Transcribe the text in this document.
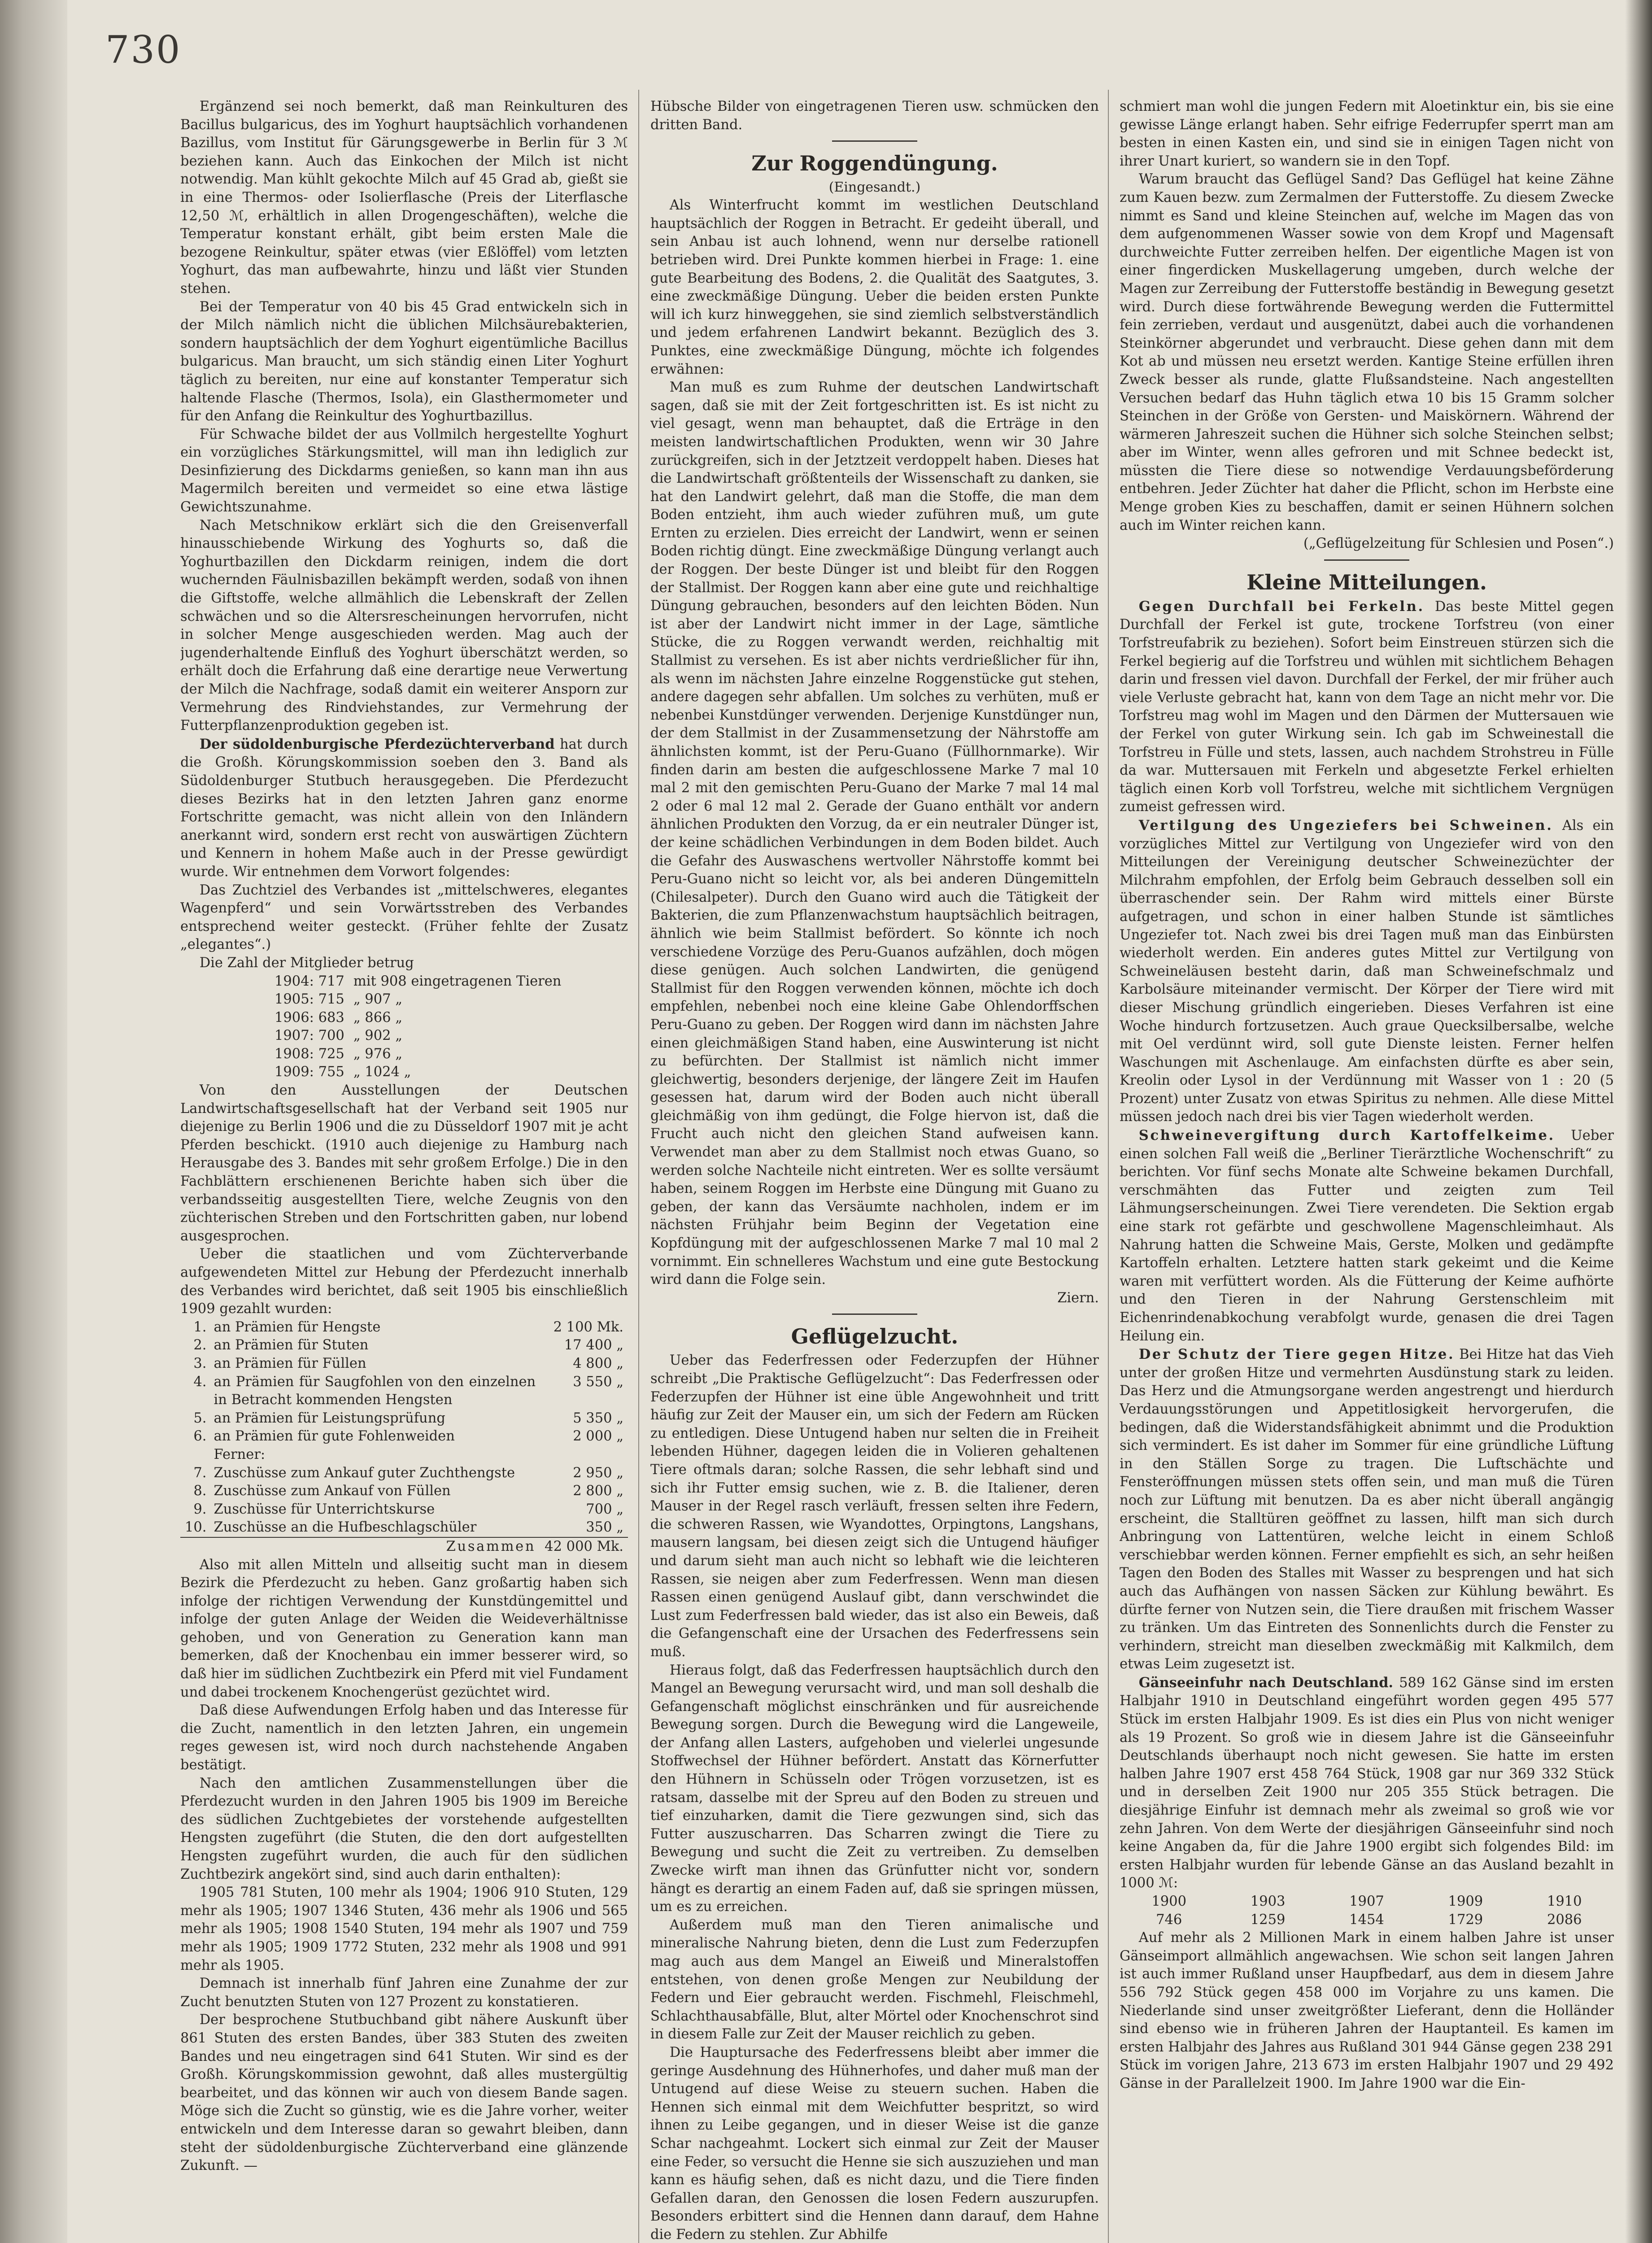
730

Ergänzend sei noch bemerkt, daß man Reinkulturen des Bacillus bulgaricus, des im Yoghurt hauptsächlich vorhandenen Bazillus, vom Institut für Gärungsgewerbe in Berlin für 3 ℳ beziehen kann. Auch das Einkochen der Milch ist nicht notwendig. Man kühlt gekochte Milch auf 45 Grad ab, gießt sie in eine Thermos- oder Isolierflasche (Preis der Literflasche 12,50 ℳ, erhältlich in allen Drogengeschäften), welche die Temperatur konstant erhält, gibt beim ersten Male die bezogene Reinkultur, später etwas (vier Eßlöffel) vom letzten Yoghurt, das man aufbewahrte, hinzu und läßt vier Stunden stehen.

Bei der Temperatur von 40 bis 45 Grad entwickeln sich in der Milch nämlich nicht die üblichen Milchsäurebakterien, sondern hauptsächlich der dem Yoghurt eigentümliche Bacillus bulgaricus. Man braucht, um sich ständig einen Liter Yoghurt täglich zu bereiten, nur eine auf konstanter Temperatur sich haltende Flasche (Thermos, Isola), ein Glasthermometer und für den Anfang die Reinkultur des Yoghurtbazillus.

Für Schwache bildet der aus Vollmilch hergestellte Yoghurt ein vorzügliches Stärkungsmittel, will man ihn lediglich zur Desinfizierung des Dickdarms genießen, so kann man ihn aus Magermilch bereiten und vermeidet so eine etwa lästige Gewichtszunahme.

Nach Metschnikow erklärt sich die den Greisenverfall hinausschiebende Wirkung des Yoghurts so, daß die Yoghurtbazillen den Dickdarm reinigen, indem die dort wuchernden Fäulnisbazillen bekämpft werden, sodaß von ihnen die Giftstoffe, welche allmählich die Lebenskraft der Zellen schwächen und so die Altersrescheinungen hervorrufen, nicht in solcher Menge ausgeschieden werden. Mag auch der jugenderhaltende Einfluß des Yoghurt überschätzt werden, so erhält doch die Erfahrung daß eine derartige neue Verwertung der Milch die Nachfrage, sodaß damit ein weiterer Ansporn zur Vermehrung des Rindviehstandes, zur Vermehrung der Futterpflanzenproduktion gegeben ist.

Der südoldenburgische Pferdezüchterverband hat durch die Großh. Körungskommission soeben den 3. Band als Südoldenburger Stutbuch herausgegeben. Die Pferdezucht dieses Bezirks hat in den letzten Jahren ganz enorme Fortschritte gemacht, was nicht allein von den Inländern anerkannt wird, sondern erst recht von auswärtigen Züchtern und Kennern in hohem Maße auch in der Presse gewürdigt wurde. Wir entnehmen dem Vorwort folgendes:

Das Zuchtziel des Verbandes ist „mittelschweres, elegantes Wagenpferd“ und sein Vorwärtsstreben des Verbandes entsprechend weiter gesteckt. (Früher fehlte der Zusatz „elegantes“.)

Die Zahl der Mitglieder betrug

1904: 717	mit 908 eingetragenen Tieren
1905: 715	„ 907 „
1906: 683	„ 866 „
1907: 700	„ 902 „
1908: 725	„ 976 „
1909: 755	„ 1024 „

Von den Ausstellungen der Deutschen Landwirtschaftsgesellschaft hat der Verband seit 1905 nur diejenige zu Berlin 1906 und die zu Düsseldorf 1907 mit je acht Pferden beschickt. (1910 auch diejenige zu Hamburg nach Herausgabe des 3. Bandes mit sehr großem Erfolge.) Die in den Fachblättern erschienenen Berichte haben sich über die verbandsseitig ausgestellten Tiere, welche Zeugnis von den züchterischen Streben und den Fortschritten gaben, nur lobend ausgesprochen.

Ueber die staatlichen und vom Züchterverbande aufgewendeten Mittel zur Hebung der Pferdezucht innerhalb des Verbandes wird berichtet, daß seit 1905 bis einschließlich 1909 gezahlt wurden:

1.	an Prämien für Hengste	2 100 Mk.
2.	an Prämien für Stuten	17 400 „
3.	an Prämien für Füllen	4 800 „
4.	an Prämien für Saugfohlen von den einzelnen in Betracht kommenden Hengsten	3 550 „
5.	an Prämien für Leistungsprüfung	5 350 „
6.	an Prämien für gute Fohlenweiden	2 000 „
	Ferner:	
7.	Zuschüsse zum Ankauf guter Zuchthengste	2 950 „
8.	Zuschüsse zum Ankauf von Füllen	2 800 „
9.	Zuschüsse für Unterrichtskurse	700 „
10.	Zuschüsse an die Hufbeschlagschüler	350 „
	Zusammen	42 000 Mk.

Also mit allen Mitteln und allseitig sucht man in diesem Bezirk die Pferdezucht zu heben. Ganz großartig haben sich infolge der richtigen Verwendung der Kunstdüngemittel und infolge der guten Anlage der Weiden die Weideverhältnisse gehoben, und von Generation zu Generation kann man bemerken, daß der Knochenbau ein immer besserer wird, so daß hier im südlichen Zuchtbezirk ein Pferd mit viel Fundament und dabei trockenem Knochengerüst gezüchtet wird.

Daß diese Aufwendungen Erfolg haben und das Interesse für die Zucht, namentlich in den letzten Jahren, ein ungemein reges gewesen ist, wird noch durch nachstehende Angaben bestätigt.

Nach den amtlichen Zusammenstellungen über die Pferdezucht wurden in den Jahren 1905 bis 1909 im Bereiche des südlichen Zuchtgebietes der vorstehende aufgestellten Hengsten zugeführt (die Stuten, die den dort aufgestellten Hengsten zugeführt wurden, die auch für den südlichen Zuchtbezirk angekört sind, sind auch darin enthalten):

1905 781 Stuten, 100 mehr als 1904; 1906 910 Stuten, 129 mehr als 1905; 1907 1346 Stuten, 436 mehr als 1906 und 565 mehr als 1905; 1908 1540 Stuten, 194 mehr als 1907 und 759 mehr als 1905; 1909 1772 Stuten, 232 mehr als 1908 und 991 mehr als 1905.

Demnach ist innerhalb fünf Jahren eine Zunahme der zur Zucht benutzten Stuten von 127 Prozent zu konstatieren.

Der besprochene Stutbuchband gibt nähere Auskunft über 861 Stuten des ersten Bandes, über 383 Stuten des zweiten Bandes und neu eingetragen sind 641 Stuten. Wir sind es der Großh. Körungskommission gewohnt, daß alles mustergültig bearbeitet, und das können wir auch von diesem Bande sagen. Möge sich die Zucht so günstig, wie es die Jahre vorher, weiter entwickeln und dem Interesse daran so gewahrt bleiben, dann steht der südoldenburgische Züchterverband eine glänzende Zukunft. —

Hübsche Bilder von eingetragenen Tieren usw. schmücken den dritten Band.

Zur Roggendüngung.
(Eingesandt.)

Als Winterfrucht kommt im westlichen Deutschland hauptsächlich der Roggen in Betracht. Er gedeiht überall, und sein Anbau ist auch lohnend, wenn nur derselbe rationell betrieben wird. Drei Punkte kommen hierbei in Frage: 1. eine gute Bearbeitung des Bodens, 2. die Qualität des Saatgutes, 3. eine zweckmäßige Düngung. Ueber die beiden ersten Punkte will ich kurz hinweggehen, sie sind ziemlich selbstverständlich und jedem erfahrenen Landwirt bekannt. Bezüglich des 3. Punktes, eine zweckmäßige Düngung, möchte ich folgendes erwähnen:

Man muß es zum Ruhme der deutschen Landwirtschaft sagen, daß sie mit der Zeit fortgeschritten ist. Es ist nicht zu viel gesagt, wenn man behauptet, daß die Erträge in den meisten landwirtschaftlichen Produkten, wenn wir 30 Jahre zurückgreifen, sich in der Jetztzeit verdoppelt haben. Dieses hat die Landwirtschaft größtenteils der Wissenschaft zu danken, sie hat den Landwirt gelehrt, daß man die Stoffe, die man dem Boden entzieht, ihm auch wieder zuführen muß, um gute Ernten zu erzielen. Dies erreicht der Landwirt, wenn er seinen Boden richtig düngt. Eine zweckmäßige Düngung verlangt auch der Roggen. Der beste Dünger ist und bleibt für den Roggen der Stallmist. Der Roggen kann aber eine gute und reichhaltige Düngung gebrauchen, besonders auf den leichten Böden. Nun ist aber der Landwirt nicht immer in der Lage, sämtliche Stücke, die zu Roggen verwandt werden, reichhaltig mit Stallmist zu versehen. Es ist aber nichts verdrießlicher für ihn, als wenn im nächsten Jahre einzelne Roggenstücke gut stehen, andere dagegen sehr abfallen. Um solches zu verhüten, muß er nebenbei Kunstdünger verwenden. Derjenige Kunstdünger nun, der dem Stallmist in der Zusammensetzung der Nährstoffe am ähnlichsten kommt, ist der Peru-Guano (Füllhornmarke). Wir finden darin am besten die aufgeschlossene Marke 7 mal 10 mal 2 mit den gemischten Peru-Guano der Marke 7 mal 14 mal 2 oder 6 mal 12 mal 2. Gerade der Guano enthält vor andern ähnlichen Produkten den Vorzug, da er ein neutraler Dünger ist, der keine schädlichen Verbindungen in dem Boden bildet. Auch die Gefahr des Auswaschens wertvoller Nährstoffe kommt bei Peru-Guano nicht so leicht vor, als bei anderen Düngemitteln (Chilesalpeter). Durch den Guano wird auch die Tätigkeit der Bakterien, die zum Pflanzenwachstum hauptsächlich beitragen, ähnlich wie beim Stallmist befördert. So könnte ich noch verschiedene Vorzüge des Peru-Guanos aufzählen, doch mögen diese genügen. Auch solchen Landwirten, die genügend Stallmist für den Roggen verwenden können, möchte ich doch empfehlen, nebenbei noch eine kleine Gabe Ohlendorffschen Peru-Guano zu geben. Der Roggen wird dann im nächsten Jahre einen gleichmäßigen Stand haben, eine Auswinterung ist nicht zu befürchten. Der Stallmist ist nämlich nicht immer gleichwertig, besonders derjenige, der längere Zeit im Haufen gesessen hat, darum wird der Boden auch nicht überall gleichmäßig von ihm gedüngt, die Folge hiervon ist, daß die Frucht auch nicht den gleichen Stand aufweisen kann. Verwendet man aber zu dem Stallmist noch etwas Guano, so werden solche Nachteile nicht eintreten. Wer es sollte versäumt haben, seinem Roggen im Herbste eine Düngung mit Guano zu geben, der kann das Versäumte nachholen, indem er im nächsten Frühjahr beim Beginn der Vegetation eine Kopfdüngung mit der aufgeschlossenen Marke 7 mal 10 mal 2 vornimmt. Ein schnelleres Wachstum und eine gute Bestockung wird dann die Folge sein.

Ziern.

Geflügelzucht.

Ueber das Federfressen oder Federzupfen der Hühner schreibt „Die Praktische Geflügelzucht“: Das Federfressen oder Federzupfen der Hühner ist eine üble Angewohnheit und tritt häufig zur Zeit der Mauser ein, um sich der Federn am Rücken zu entledigen. Diese Untugend haben nur selten die in Freiheit lebenden Hühner, dagegen leiden die in Volieren gehaltenen Tiere oftmals daran; solche Rassen, die sehr lebhaft sind und sich ihr Futter emsig suchen, wie z. B. die Italiener, deren Mauser in der Regel rasch verläuft, fressen selten ihre Federn, die schweren Rassen, wie Wyandottes, Orpingtons, Langshans, mausern langsam, bei diesen zeigt sich die Untugend häufiger und darum sieht man auch nicht so lebhaft wie die leichteren Rassen, sie neigen aber zum Federfressen. Wenn man diesen Rassen einen genügend Auslauf gibt, dann verschwindet die Lust zum Federfressen bald wieder, das ist also ein Beweis, daß die Gefangenschaft eine der Ursachen des Federfressens sein muß.

Hieraus folgt, daß das Federfressen hauptsächlich durch den Mangel an Bewegung verursacht wird, und man soll deshalb die Gefangenschaft möglichst einschränken und für ausreichende Bewegung sorgen. Durch die Bewegung wird die Langeweile, der Anfang allen Lasters, aufgehoben und vielerlei ungesunde Stoffwechsel der Hühner befördert. Anstatt das Körnerfutter den Hühnern in Schüsseln oder Trögen vorzusetzen, ist es ratsam, dasselbe mit der Spreu auf den Boden zu streuen und tief einzuharken, damit die Tiere gezwungen sind, sich das Futter auszuscharren. Das Scharren zwingt die Tiere zu Bewegung und sucht die Zeit zu vertreiben. Zu demselben Zwecke wirft man ihnen das Grünfutter nicht vor, sondern hängt es derartig an einem Faden auf, daß sie springen müssen, um es zu erreichen.

Außerdem muß man den Tieren animalische und mineralische Nahrung bieten, denn die Lust zum Federzupfen mag auch aus dem Mangel an Eiweiß und Mineralstoffen entstehen, von denen große Mengen zur Neubildung der Federn und Eier gebraucht werden. Fischmehl, Fleischmehl, Schlachthausabfälle, Blut, alter Mörtel oder Knochenschrot sind in diesem Falle zur Zeit der Mauser reichlich zu geben.

Die Hauptursache des Federfressens bleibt aber immer die geringe Ausdehnung des Hühnerhofes, und daher muß man der Untugend auf diese Weise zu steuern suchen. Haben die Hennen sich einmal mit dem Weichfutter bespritzt, so wird ihnen zu Leibe gegangen, und in dieser Weise ist die ganze Schar nachgeahmt. Lockert sich einmal zur Zeit der Mauser eine Feder, so versucht die Henne sie sich auszuziehen und man kann es häufig sehen, daß es nicht dazu, und die Tiere finden Gefallen daran, den Genossen die losen Federn auszurupfen. Besonders erbittert sind die Hennen dann darauf, dem Hahne die Federn zu stehlen. Zur Abhilfe

schmiert man wohl die jungen Federn mit Aloetinktur ein, bis sie eine gewisse Länge erlangt haben. Sehr eifrige Federrupfer sperrt man am besten in einen Kasten ein, und sind sie in einigen Tagen nicht von ihrer Unart kuriert, so wandern sie in den Topf.

Warum braucht das Geflügel Sand? Das Geflügel hat keine Zähne zum Kauen bezw. zum Zermalmen der Futterstoffe. Zu diesem Zwecke nimmt es Sand und kleine Steinchen auf, welche im Magen das von dem aufgenommenen Wasser sowie von dem Kropf und Magensaft durchweichte Futter zerreiben helfen. Der eigentliche Magen ist von einer fingerdicken Muskellagerung umgeben, durch welche der Magen zur Zerreibung der Futterstoffe beständig in Bewegung gesetzt wird. Durch diese fortwährende Bewegung werden die Futtermittel fein zerrieben, verdaut und ausgenützt, dabei auch die vorhandenen Steinkörner abgerundet und verbraucht. Diese gehen dann mit dem Kot ab und müssen neu ersetzt werden. Kantige Steine erfüllen ihren Zweck besser als runde, glatte Flußsandsteine. Nach angestellten Versuchen bedarf das Huhn täglich etwa 10 bis 15 Gramm solcher Steinchen in der Größe von Gersten- und Maiskörnern. Während der wärmeren Jahreszeit suchen die Hühner sich solche Steinchen selbst; aber im Winter, wenn alles gefroren und mit Schnee bedeckt ist, müssten die Tiere diese so notwendige Verdauungsbeförderung entbehren. Jeder Züchter hat daher die Pflicht, schon im Herbste eine Menge groben Kies zu beschaffen, damit er seinen Hühnern solchen auch im Winter reichen kann.

(„Geflügelzeitung für Schlesien und Posen“.)

Kleine Mitteilungen.

Gegen Durchfall bei Ferkeln. Das beste Mittel gegen Durchfall der Ferkel ist gute, trockene Torfstreu (von einer Torfstreufabrik zu beziehen). Sofort beim Einstreuen stürzen sich die Ferkel begierig auf die Torfstreu und wühlen mit sichtlichem Behagen darin und fressen viel davon. Durchfall der Ferkel, der mir früher auch viele Verluste gebracht hat, kann von dem Tage an nicht mehr vor. Die Torfstreu mag wohl im Magen und den Därmen der Muttersauen wie der Ferkel von guter Wirkung sein. Ich gab im Schweinestall die Torfstreu in Fülle und stets, lassen, auch nachdem Strohstreu in Fülle da war. Muttersauen mit Ferkeln und abgesetzte Ferkel erhielten täglich einen Korb voll Torfstreu, welche mit sichtlichem Vergnügen zumeist gefressen wird.

Vertilgung des Ungeziefers bei Schweinen. Als ein vorzügliches Mittel zur Vertilgung von Ungeziefer wird von den Mitteilungen der Vereinigung deutscher Schweinezüchter der Milchrahm empfohlen, der Erfolg beim Gebrauch desselben soll ein überraschender sein. Der Rahm wird mittels einer Bürste aufgetragen, und schon in einer halben Stunde ist sämtliches Ungeziefer tot. Nach zwei bis drei Tagen muß man das Einbürsten wiederholt werden. Ein anderes gutes Mittel zur Vertilgung von Schweineläusen besteht darin, daß man Schweinefschmalz und Karbolsäure miteinander vermischt. Der Körper der Tiere wird mit dieser Mischung gründlich eingerieben. Dieses Verfahren ist eine Woche hindurch fortzusetzen. Auch graue Quecksilbersalbe, welche mit Oel verdünnt wird, soll gute Dienste leisten. Ferner helfen Waschungen mit Aschenlauge. Am einfachsten dürfte es aber sein, Kreolin oder Lysol in der Verdünnung mit Wasser von 1 : 20 (5 Prozent) unter Zusatz von etwas Spiritus zu nehmen. Alle diese Mittel müssen jedoch nach drei bis vier Tagen wiederholt werden.

Schweinevergiftung durch Kartoffelkeime. Ueber einen solchen Fall weiß die „Berliner Tierärztliche Wochenschrift“ zu berichten. Vor fünf sechs Monate alte Schweine bekamen Durchfall, verschmähten das Futter und zeigten zum Teil Lähmungserscheinungen. Zwei Tiere verendeten. Die Sektion ergab eine stark rot gefärbte und geschwollene Magenschleimhaut. Als Nahrung hatten die Schweine Mais, Gerste, Molken und gedämpfte Kartoffeln erhalten. Letztere hatten stark gekeimt und die Keime waren mit verfüttert worden. Als die Fütterung der Keime aufhörte und den Tieren in der Nahrung Gerstenschleim mit Eichenrindenabkochung verabfolgt wurde, genasen die drei Tagen Heilung ein.

Der Schutz der Tiere gegen Hitze. Bei Hitze hat das Vieh unter der großen Hitze und vermehrten Ausdünstung stark zu leiden. Das Herz und die Atmungsorgane werden angestrengt und hierdurch Verdauungsstörungen und Appetitlosigkeit hervorgerufen, die bedingen, daß die Widerstandsfähigkeit abnimmt und die Produktion sich vermindert. Es ist daher im Sommer für eine gründliche Lüftung in den Ställen Sorge zu tragen. Die Luftschächte und Fensteröffnungen müssen stets offen sein, und man muß die Türen noch zur Lüftung mit benutzen. Da es aber nicht überall angängig erscheint, die Stalltüren geöffnet zu lassen, hilft man sich durch Anbringung von Lattentüren, welche leicht in einem Schloß verschiebbar werden können. Ferner empfiehlt es sich, an sehr heißen Tagen den Boden des Stalles mit Wasser zu besprengen und hat sich auch das Aufhängen von nassen Säcken zur Kühlung bewährt. Es dürfte ferner von Nutzen sein, die Tiere draußen mit frischem Wasser zu tränken. Um das Eintreten des Sonnenlichts durch die Fenster zu verhindern, streicht man dieselben zweckmäßig mit Kalkmilch, dem etwas Leim zugesetzt ist.

Gänseeinfuhr nach Deutschland. 589 162 Gänse sind im ersten Halbjahr 1910 in Deutschland eingeführt worden gegen 495 577 Stück im ersten Halbjahr 1909. Es ist dies ein Plus von nicht weniger als 19 Prozent. So groß wie in diesem Jahre ist die Gänseeinfuhr Deutschlands überhaupt noch nicht gewesen. Sie hatte im ersten halben Jahre 1907 erst 458 764 Stück, 1908 gar nur 369 332 Stück und in derselben Zeit 1900 nur 205 355 Stück betragen. Die diesjährige Einfuhr ist demnach mehr als zweimal so groß wie vor zehn Jahren. Von dem Werte der diesjährigen Gänseeinfuhr sind noch keine Angaben da, für die Jahre 1900 ergibt sich folgendes Bild: im ersten Halbjahr wurden für lebende Gänse an das Ausland bezahlt in 1000 ℳ:

1900	1903	1907	1909	1910
746	1259	1454	1729	2086

Auf mehr als 2 Millionen Mark in einem halben Jahre ist unser Gänseimport allmählich angewachsen. Wie schon seit langen Jahren ist auch immer Rußland unser Haupfbedarf, aus dem in diesem Jahre 556 792 Stück gegen 458 000 im Vorjahre zu uns kamen. Die Niederlande sind unser zweitgrößter Lieferant, denn die Holländer sind ebenso wie in früheren Jahren der Hauptanteil. Es kamen im ersten Halbjahr des Jahres aus Rußland 301 944 Gänse gegen 238 291 Stück im vorigen Jahre, 213 673 im ersten Halbjahr 1907 und 29 492 Gänse in der Parallelzeit 1900. Im Jahre 1900 war die Ein-
